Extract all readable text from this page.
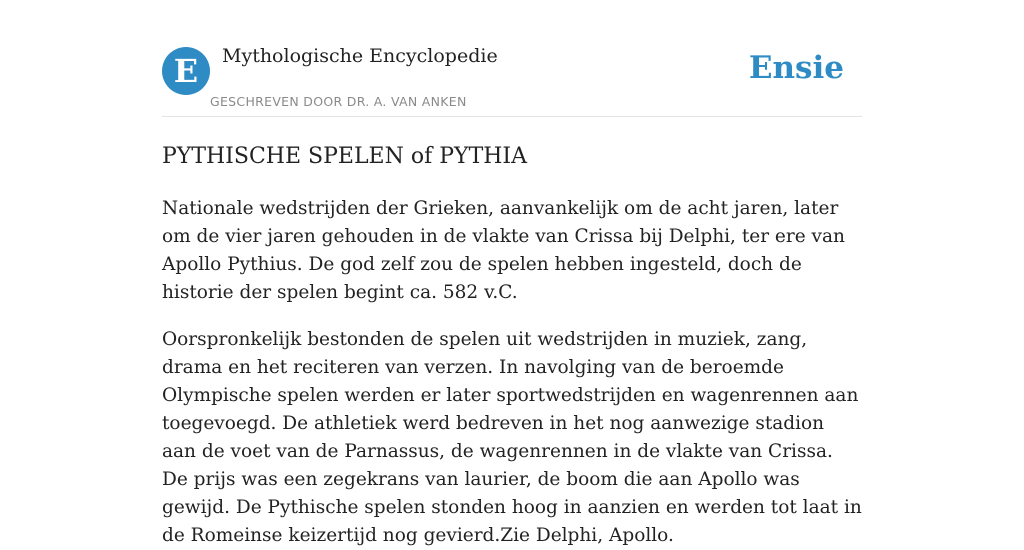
E	Mythologische Encyclopedie
GESCHREVEN DOOR DR. A. VAN ANKEN
Ensie
PYTHISCHE SPELEN of PYTHIA

Nationale wedstrijden der Grieken, aanvankelijk om de acht jaren, later om de vier jaren gehouden in de vlakte van Crissa bij Delphi, ter ere van Apollo Pythius. De god zelf zou de spelen hebben ingesteld, doch de historie der spelen begint ca. 582 v.C.

Oorspronkelijk bestonden de spelen uit wedstrijden in muziek, zang, drama en het reciteren van verzen. In navolging van de beroemde Olympische spelen werden er later sportwedstrijden en wagenrennen aan toegevoegd. De athletiek werd bedreven in het nog aanwezige stadion aan de voet van de Parnassus, de wagenrennen in de vlakte van Crissa. De prijs was een zegekrans van laurier, de boom die aan Apollo was gewijd. De Pythische spelen stonden hoog in aanzien en werden tot laat in de Romeinse keizertijd nog gevierd.Zie Delphi, Apollo.
